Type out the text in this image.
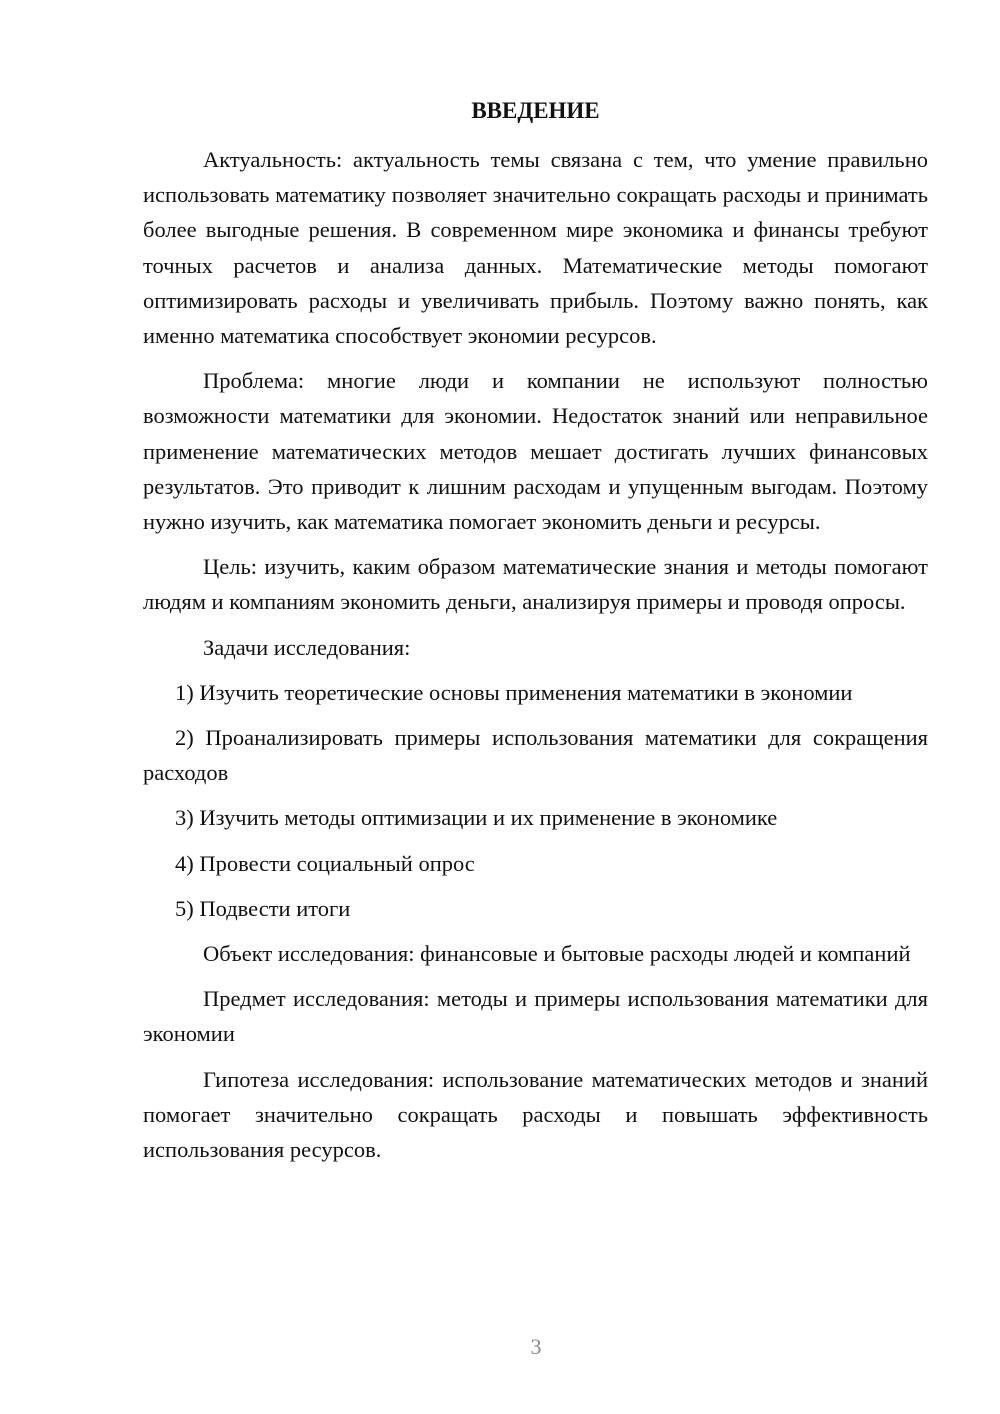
ВВЕДЕНИЕ

Актуальность: актуальность темы связана с тем, что умение правильно использовать математику позволяет значительно сокращать расходы и принимать более выгодные решения. В современном мире экономика и финансы требуют точных расчетов и анализа данных. Математические методы помогают оптимизировать расходы и увеличивать прибыль. Поэтому важно понять, как именно математика способствует экономии ресурсов.

Проблема: многие люди и компании не используют полностью возможности математики для экономии. Недостаток знаний или неправильное применение математических методов мешает достигать лучших финансовых результатов. Это приводит к лишним расходам и упущенным выгодам. Поэтому нужно изучить, как математика помогает экономить деньги и ресурсы.

Цель: изучить, каким образом математические знания и методы помогают людям и компаниям экономить деньги, анализируя примеры и проводя опросы.

Задачи исследования:

1) Изучить теоретические основы применения математики в экономии

2) Проанализировать примеры использования математики для сокращения расходов

3) Изучить методы оптимизации и их применение в экономике

4) Провести социальный опрос

5) Подвести итоги

Объект исследования: финансовые и бытовые расходы людей и компаний

Предмет исследования: методы и примеры использования математики для экономии

Гипотеза исследования: использование математических методов и знаний помогает значительно сокращать расходы и повышать эффективность использования ресурсов.

3
